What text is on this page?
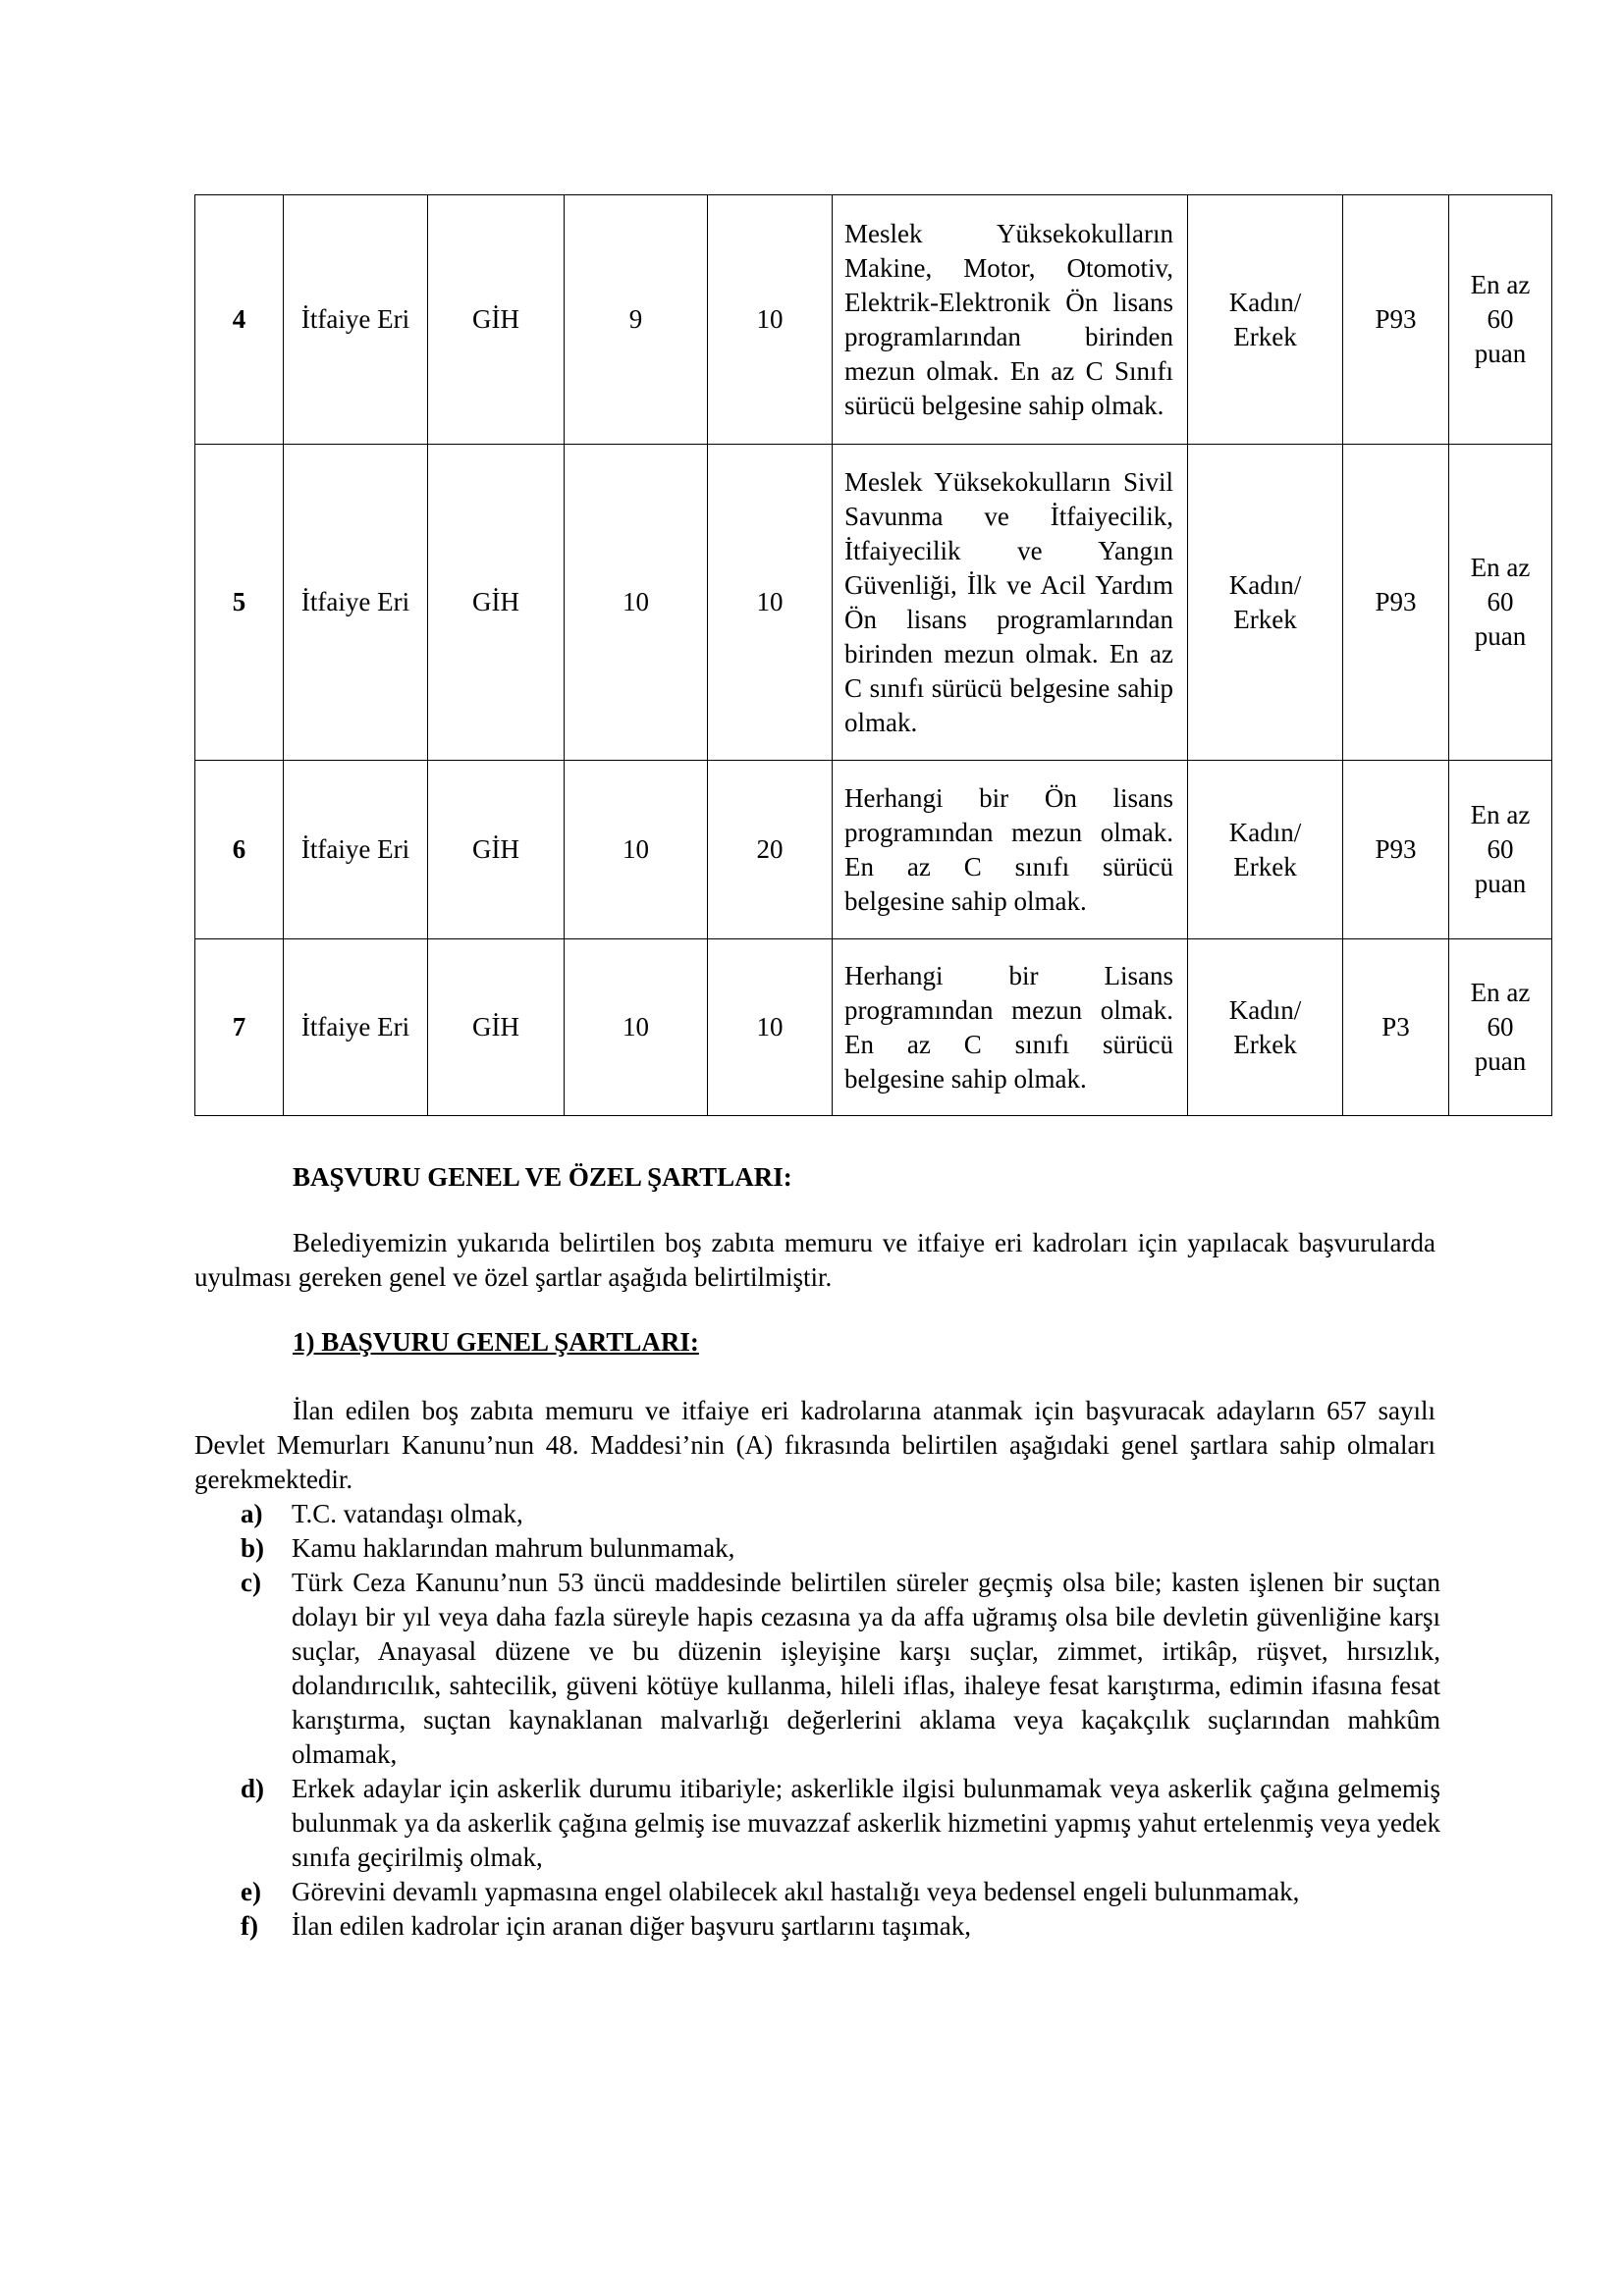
4	İtfaiye Eri	GİH	9	10	Meslek Yüksekokulların Makine, Motor, Otomotiv, Elektrik-Elektronik Ön lisans programlarından birinden mezun olmak. En az C Sınıfı sürücü belgesine sahip olmak.	Kadın/ Erkek	P93	En az 60 puan
5	İtfaiye Eri	GİH	10	10	Meslek Yüksekokulların Sivil Savunma ve İtfaiyecilik, İtfaiyecilik ve Yangın Güvenliği, İlk ve Acil Yardım Ön lisans programlarından birinden mezun olmak. En az C sınıfı sürücü belgesine sahip olmak.	Kadın/ Erkek	P93	En az 60 puan
6	İtfaiye Eri	GİH	10	20	Herhangi bir Ön lisans programından mezun olmak. En az C sınıfı sürücü belgesine sahip olmak.	Kadın/ Erkek	P93	En az 60 puan
7	İtfaiye Eri	GİH	10	10	Herhangi bir Lisans programından mezun olmak. En az C sınıfı sürücü belgesine sahip olmak.	Kadın/ Erkek	P3	En az 60 puan

BAŞVURU GENEL VE ÖZEL ŞARTLARI:

Belediyemizin yukarıda belirtilen boş zabıta memuru ve itfaiye eri kadroları için yapılacak başvurularda uyulması gereken genel ve özel şartlar aşağıda belirtilmiştir.

1) BAŞVURU GENEL ŞARTLARI:

İlan edilen boş zabıta memuru ve itfaiye eri kadrolarına atanmak için başvuracak adayların 657 sayılı Devlet Memurları Kanunu’nun 48. Maddesi’nin (A) fıkrasında belirtilen aşağıdaki genel şartlara sahip olmaları gerekmektedir.

a) T.C. vatandaşı olmak,
b) Kamu haklarından mahrum bulunmamak,
c) Türk Ceza Kanunu’nun 53 üncü maddesinde belirtilen süreler geçmiş olsa bile; kasten işlenen bir suçtan dolayı bir yıl veya daha fazla süreyle hapis cezasına ya da affa uğramış olsa bile devletin güvenliğine karşı suçlar, Anayasal düzene ve bu düzenin işleyişine karşı suçlar, zimmet, irtikâp, rüşvet, hırsızlık, dolandırıcılık, sahtecilik, güveni kötüye kullanma, hileli iflas, ihaleye fesat karıştırma, edimin ifasına fesat karıştırma, suçtan kaynaklanan malvarlığı değerlerini aklama veya kaçakçılık suçlarından mahkûm olmamak,
d) Erkek adaylar için askerlik durumu itibariyle; askerlikle ilgisi bulunmamak veya askerlik çağına gelmemiş bulunmak ya da askerlik çağına gelmiş ise muvazzaf askerlik hizmetini yapmış yahut ertelenmiş veya yedek sınıfa geçirilmiş olmak,
e) Görevini devamlı yapmasına engel olabilecek akıl hastalığı veya bedensel engeli bulunmamak,
f) İlan edilen kadrolar için aranan diğer başvuru şartlarını taşımak,
